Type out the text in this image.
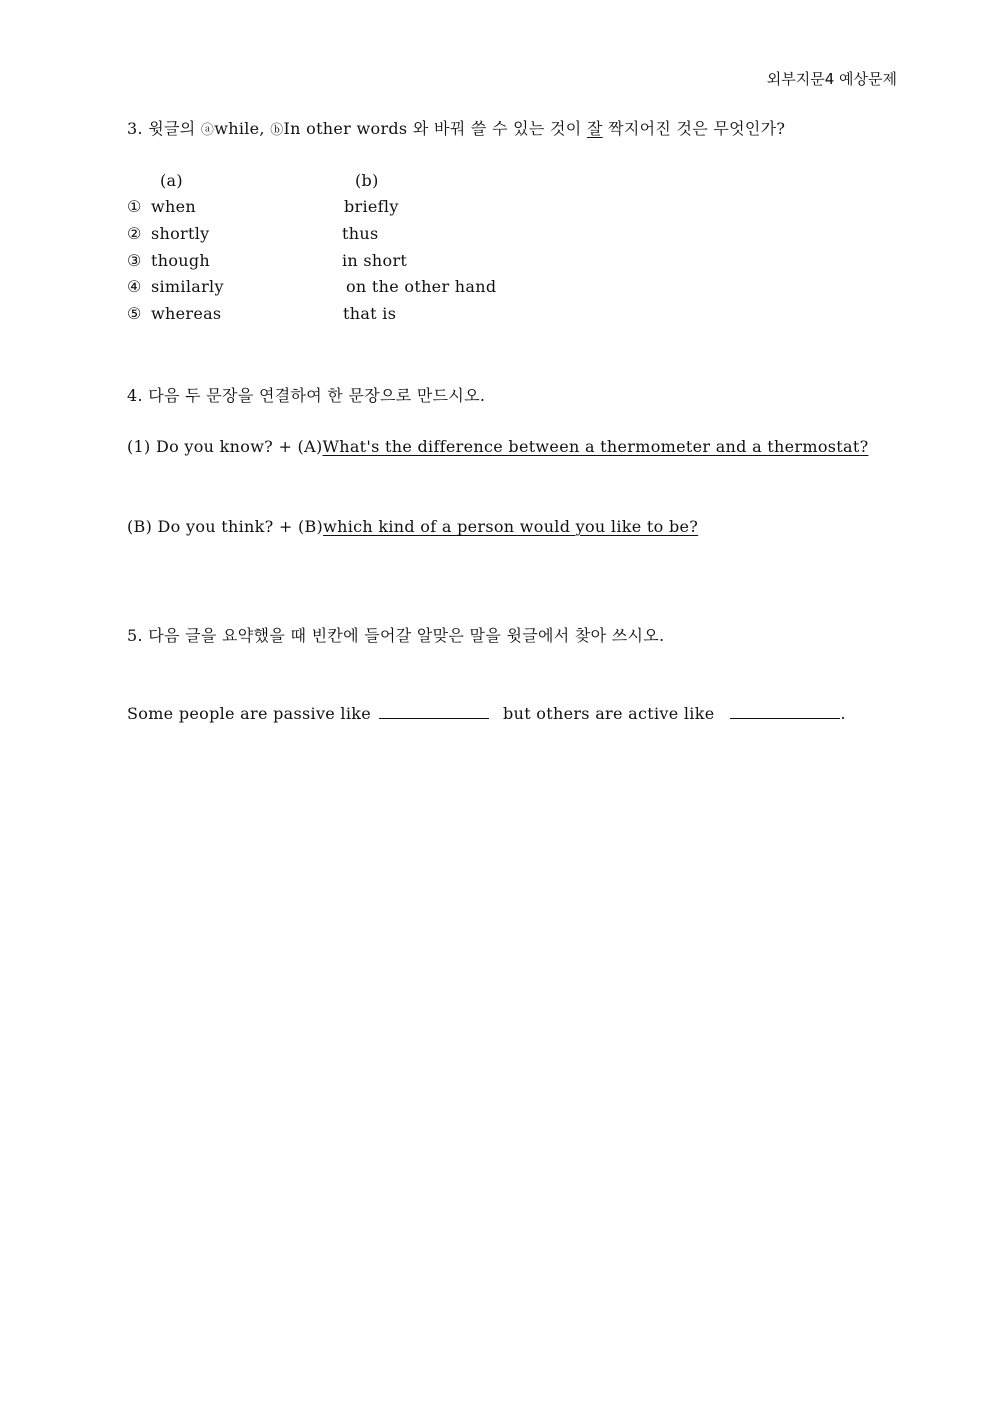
외부지문4 예상문제
3. 윗글의 ⓐwhile, ⓑIn other words 와 바꿔 쓸 수 있는 것이 잘 짝지어진 것은 무엇인가?
(a)	(b)
① when	briefly
② shortly	thus
③ though	in short
④ similarly	on the other hand
⑤ whereas	that is
4. 다음 두 문장을 연결하여 한 문장으로 만드시오.
(1) Do you know? + (A)What's the difference between a thermometer and a thermostat?
(B) Do you think? + (B)which kind of a person would you like to be?
5. 다음 글을 요약했을 때 빈칸에 들어갈 알맞은 말을 윗글에서 찾아 쓰시오.
Some people are passive like	but others are active like	.
